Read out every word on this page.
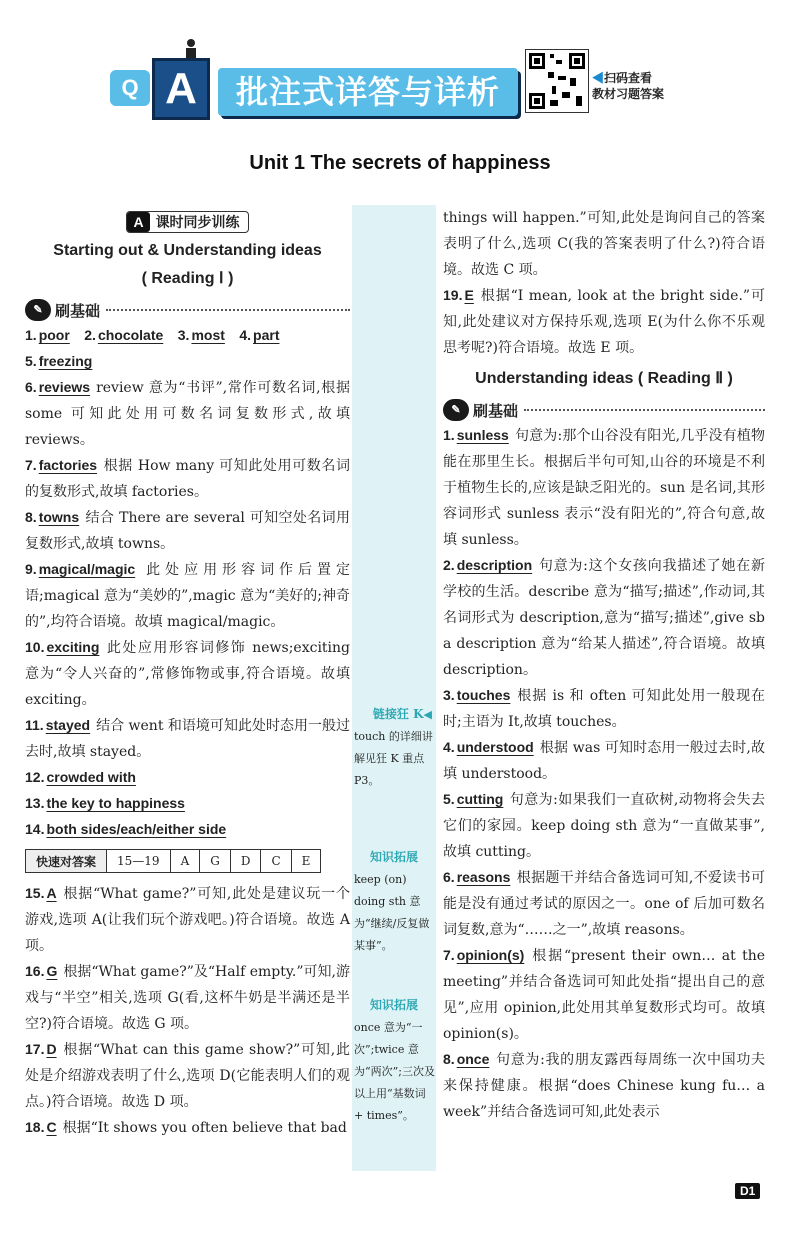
Q A	批注式详答与详析	◀扫码查看
教材习题答案
Unit 1 The secrets of happiness
链接狂 K◀
touch 的详细讲解见狂 K 重点 P3。
知识拓展
keep (on) doing sth 意为“继续/反复做某事”。
知识拓展
once 意为“一次”;twice 意为“两次”;三次及以上用“基数词 + times”。
A 课时同步训练
Starting out & Understanding ideas
( Reading Ⅰ )
✎ 刷基础
1. poor 2. chocolate 3. most 4. part
5. freezing
6. reviews review 意为“书评”,常作可数名词,根据 some 可知此处用可数名词复数形式,故填 reviews。
7. factories 根据 How many 可知此处用可数名词的复数形式,故填 factories。
8. towns 结合 There are several 可知空处名词用复数形式,故填 towns。
9. magical/magic 此处应用形容词作后置定语;magical 意为“美妙的”,magic 意为“美好的;神奇的”,均符合语境。故填 magical/magic。
10. exciting 此处应用形容词修饰 news;exciting 意为“令人兴奋的”,常修饰物或事,符合语境。故填 exciting。
11. stayed 结合 went 和语境可知此处时态用一般过去时,故填 stayed。
12. crowded with
13. the key to happiness
14. both sides/each/either side
快速对答案	15—19	A	G	D	C	E
15. A 根据“What game?”可知,此处是建议玩一个游戏,选项 A(让我们玩个游戏吧。)符合语境。故选 A 项。
16. G 根据“What game?”及“Half empty.”可知,游戏与“半空”相关,选项 G(看,这杯牛奶是半满还是半空?)符合语境。故选 G 项。
17. D 根据“What can this game show?”可知,此处是介绍游戏表明了什么,选项 D(它能表明人们的观点。)符合语境。故选 D 项。
18. C 根据“It shows you often believe that bad
things will happen.”可知,此处是询问自己的答案表明了什么,选项 C(我的答案表明了什么?)符合语境。故选 C 项。
19. E 根据“I mean, look at the bright side.”可知,此处建议对方保持乐观,选项 E(为什么你不乐观思考呢?)符合语境。故选 E 项。
Understanding ideas ( Reading Ⅱ )
✎ 刷基础
1. sunless 句意为:那个山谷没有阳光,几乎没有植物能在那里生长。根据后半句可知,山谷的环境是不利于植物生长的,应该是缺乏阳光的。sun 是名词,其形容词形式 sunless 表示“没有阳光的”,符合句意,故填 sunless。
2. description 句意为:这个女孩向我描述了她在新学校的生活。describe 意为“描写;描述”,作动词,其名词形式为 description,意为“描写;描述”,give sb a description 意为“给某人描述”,符合语境。故填 description。
3. touches 根据 is 和 often 可知此处用一般现在时;主语为 It,故填 touches。
4. understood 根据 was 可知时态用一般过去时,故填 understood。
5. cutting 句意为:如果我们一直砍树,动物将会失去它们的家园。keep doing sth 意为“一直做某事”,故填 cutting。
6. reasons 根据题干并结合备选词可知,不爱读书可能是没有通过考试的原因之一。one of 后加可数名词复数,意为“……之一”,故填 reasons。
7. opinion(s) 根据“present their own… at the meeting”并结合备选词可知此处指“提出自己的意见”,应用 opinion,此处用其单复数形式均可。故填 opinion(s)。
8. once 句意为:我的朋友露西每周练一次中国功夫来保持健康。根据“does Chinese kung fu… a week”并结合备选词可知,此处表示
D1
